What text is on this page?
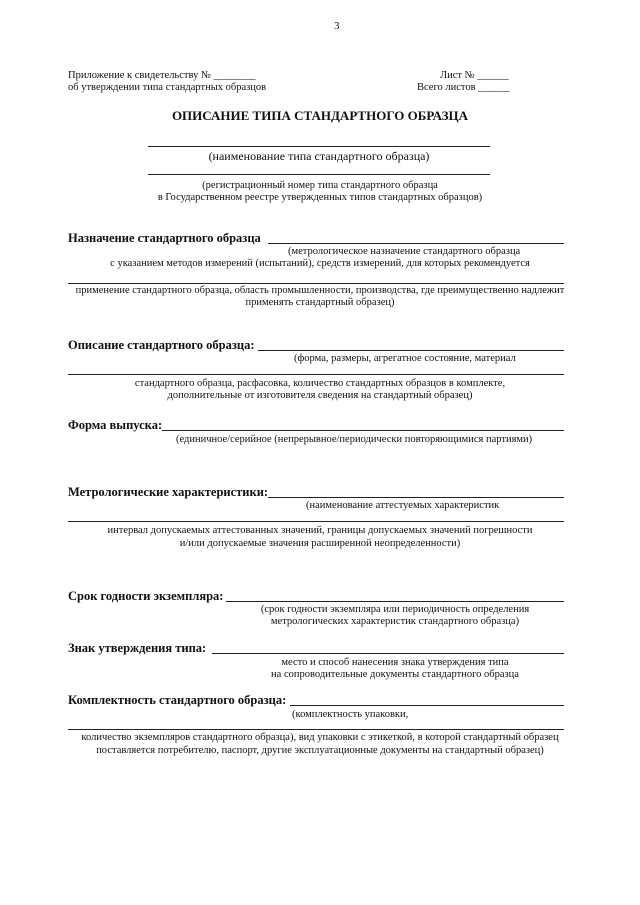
3
Приложение к свидетельству № ________
об утверждении типа стандартных образцов
Лист № ______
Всего листов ______
ОПИСАНИЕ ТИПА СТАНДАРТНОГО ОБРАЗЦА
(наименование типа стандартного образца)
(регистрационный номер типа стандартного образца
в Государственном реестре утвержденных типов стандартных образцов)
Назначение стандартного образца
(метрологическое назначение стандартного образца
с указанием методов измерений (испытаний), средств измерений, для которых рекомендуется
применение стандартного образца, область промышленности, производства, где преимущественно надлежит
применять стандартный образец)
Описание стандартного образца:
(форма, размеры, агрегатное состояние, материал
стандартного образца, расфасовка, количество стандартных образцов в комплекте,
дополнительные от изготовителя сведения на стандартный образец)
Форма выпуска:
(единичное/серийное (непрерывное/периодически повторяющимися партиями)
Метрологические характеристики:
(наименование аттестуемых характеристик
интервал допускаемых аттестованных значений, границы допускаемых значений погрешности
и/или допускаемые значения расширенной неопределенности)
Срок годности экземпляра:
(срок годности экземпляра или периодичность определения
метрологических характеристик стандартного образца)
Знак утверждения типа:
место и способ нанесения знака утверждения типа
на сопроводительные документы стандартного образца
Комплектность стандартного образца:
(комплектность упаковки,
количество экземпляров стандартного образца), вид упаковки с этикеткой, в которой стандартный образец
поставляется потребителю, паспорт, другие эксплуатационные документы на стандартный образец)
